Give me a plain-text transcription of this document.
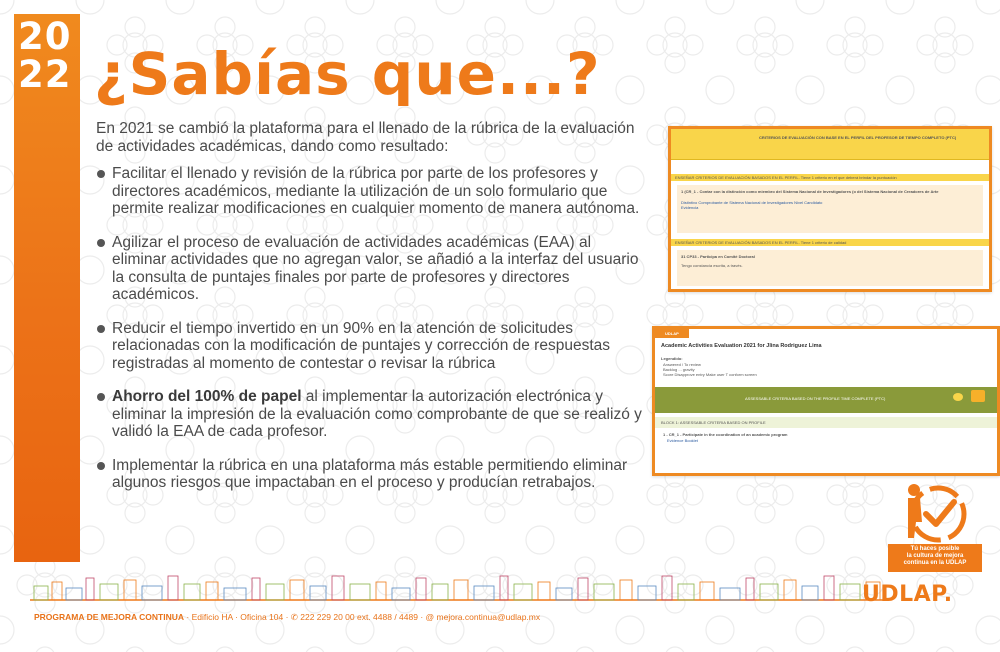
20
22 ¿Sabías que...?
En 2021 se cambió la plataforma para el llenado de la rúbrica de la evaluación de actividades académicas, dando como resultado:
Facilitar el llenado y revisión de la rúbrica por parte de los profesores y directores académicos, mediante la utilización de un solo formulario que permite realizar modificaciones en cualquier momento de manera autónoma.
Agilizar el proceso de evaluación de actividades académicas (EAA) al eliminar actividades que no agregan valor, se añadió a la interfaz del usuario la consulta de puntajes finales por parte de profesores y directores académicos.
Reducir el tiempo invertido en un 90% en la atención de solicitudes relacionadas con la modificación de puntajes y corrección de respuestas registradas al momento de contestar o revisar la rúbrica
Ahorro del 100% de papel al implementar la autorización electrónica y eliminar la impresión de la evaluación como comprobante de que se realizó y validó la EAA de cada profesor.
Implementar la rúbrica en una plataforma más estable permitiendo eliminar algunos riesgos que impactaban en el proceso y producían retrabajos.
CRITERIOS DE EVALUACIÓN CON BASE EN EL PERFIL DEL PROFESOR DE TIEMPO COMPLETO (PTC)
ENSEÑAR CRITERIOS DE EVALUACIÓN BASADOS EN EL PERFIL. Tiene 1 criterio en el que deberá brindar la puntuación
1 (CR_1 - Contar con la distinción como miembro del Sistema Nacional de Investigadores (o del Sistema Nacional de Creadores de Arte
Distintivo Comprobante de Sistema Nacional de Investigadores Nivel Candidato
Evidencia
ENSEÑAR CRITERIOS DE EVALUACIÓN BASADOS EN EL PERFIL. Tiene 1 criterio de calidad
31 CP33 - Participa en Comité Doctoral
Tengo constancia escrita, a través.
UDLAP
Academic Activities Evaluation 2021 for Jlina Rodriguez Lima
Legendido:
Answered / To review
Backlog ... gravity
Score Disapprove entry Make user T conform screen
ASSESSABLE CRITERIA BASED ON THE PROFILE TIME COMPLETE (PTC)
BLOCK 1: ASSESSABLE CRITERIA BASED ON PROFILE
1 - CR_1 - Participate in the coordination of an academic program
Evidence Booklet
Tú haces posible
la cultura de mejora
continua en la UDLAP
PROGRAMA DE MEJORA CONTINUA · Edificio HA · Oficina 104 · ✆ 222 229 20 00 ext. 4488 / 4489 · @ mejora.continua@udlap.mx
UDLAP.
